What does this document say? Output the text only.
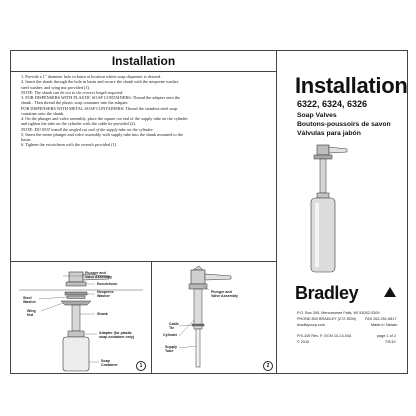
Installation
1. Provide a 1" diameter hole in basin at location where soap dispenser is desired.
2. Insert the shank through the hole in basin and secure the shank with the neoprene washer,
steel washer, and wing nut provided (1).
NOTE: The shank can be cut to the correct length required.
3. FOR DISPENSERS WITH PLASTIC SOAP CONTAINERS: Thread the adapter onto the
shank . Then thread the plastic soap container into the adapter.
FOR DISPENSERS WITH METAL SOAP CONTAINERS: Thread the stainless steel soap
container onto the shank.
4. On the plunger and valve assembly, place the square cut end of the supply tube on the cylinder
and tighten the tube on the cylinder with the cable tie provided (2).
NOTE: DO NOT install the angled cut end of the supply tube on the cylinder.
5. Insert the entire plunger and valve assembly with supply tube into the shank mounted to the
basin.
6. Tighten the escutcheon with the wrench provided (1).
Plunger and
Valve Assembly
Escutcheon
Neoprene
Washer
Steel
Washer
Wing
Nut	Shank
Adapter (for plastic
soap container only)
Soap
Container	1
Plunger and
Valve Assembly
Cable
Tie
Cylinder
Supply
Tube
2
Installation
6322, 6324, 6326
Soap Valves
Boutons-poussoirs de savon
Válvulas para jabón
Bradley
P.O. Box 309, Menomonee Falls, WI 53052-0309
PHONE 800 BRADLEY (272.3539) FAX 262.251.5817
bradleycorp.com	Made in Taiwan
P/0-105 Rev. F; ECM 10-13-044	page 1 of 2
© 2010	7/9/10
